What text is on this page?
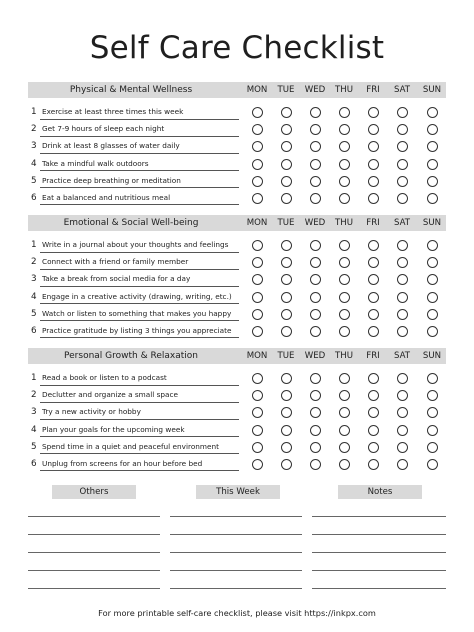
Self Care Checklist
Physical & Mental Wellness	MON	TUE	WED	THU	FRI	SAT	SUN
1 Exercise at least three times this week
2 Get 7-9 hours of sleep each night
3 Drink at least 8 glasses of water daily
4 Take a mindful walk outdoors
5 Practice deep breathing or meditation
6 Eat a balanced and nutritious meal
Emotional & Social Well-being	MON	TUE	WED	THU	FRI	SAT	SUN
1 Write in a journal about your thoughts and feelings
2 Connect with a friend or family member
3 Take a break from social media for a day
4 Engage in a creative activity (drawing, writing, etc.)
5 Watch or listen to something that makes you happy
6 Practice gratitude by listing 3 things you appreciate
Personal Growth & Relaxation	MON	TUE	WED	THU	FRI	SAT	SUN
1 Read a book or listen to a podcast
2 Declutter and organize a small space
3 Try a new activity or hobby
4 Plan your goals for the upcoming week
5 Spend time in a quiet and peaceful environment
6 Unplug from screens for an hour before bed
Others	This Week	Notes
For more printable self-care checklist, please visit https://inkpx.com
